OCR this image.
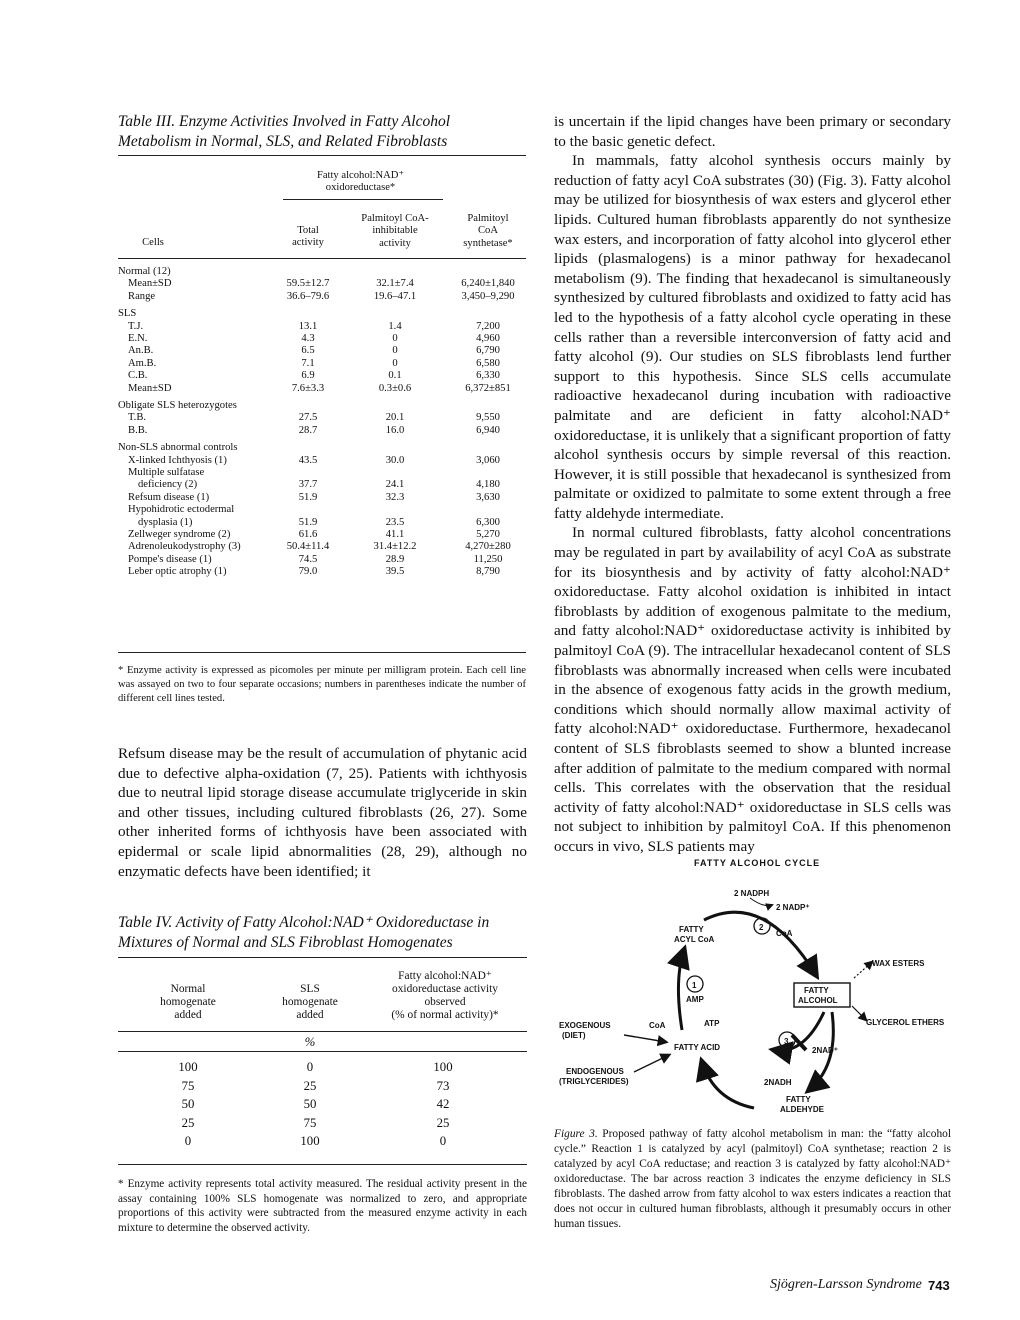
Table III. Enzyme Activities Involved in Fatty Alcohol
Metabolism in Normal, SLS, and Related Fibroblasts
Fatty alcohol:NAD⁺
oxidoreductase*
Cells
Total
activity
Palmitoyl CoA-
inhibitable
activity
Palmitoyl
CoA
synthetase*
Normal (12)
Mean±SD	59.5±12.7	32.1±7.4	6,240±1,840
Range	36.6–79.6	19.6–47.1	3,450–9,290
SLS
T.J.	13.1	1.4	7,200
E.N.	4.3	0	4,960
An.B.	6.5	0	6,790
Am.B.	7.1	0	6,580
C.B.	6.9	0.1	6,330
Mean±SD	7.6±3.3	0.3±0.6	6,372±851
Obligate SLS heterozygotes
T.B.	27.5	20.1	9,550
B.B.	28.7	16.0	6,940
Non-SLS abnormal controls
X-linked Ichthyosis (1)	43.5	30.0	3,060
Multiple sulfatase
deficiency (2)	37.7	24.1	4,180
Refsum disease (1)	51.9	32.3	3,630
Hypohidrotic ectodermal
dysplasia (1)	51.9	23.5	6,300
Zellweger syndrome (2)	61.6	41.1	5,270
Adrenoleukodystrophy (3)	50.4±11.4	31.4±12.2	4,270±280
Pompe's disease (1)	74.5	28.9	11,250
Leber optic atrophy (1)	79.0	39.5	8,790
* Enzyme activity is expressed as picomoles per minute per milligram protein. Each cell line was assayed on two to four separate occasions; numbers in parentheses indicate the number of different cell lines tested.

Refsum disease may be the result of accumulation of phytanic acid due to defective alpha-oxidation (7, 25). Patients with ichthyosis due to neutral lipid storage disease accumulate triglyceride in skin and other tissues, including cultured fibroblasts (26, 27). Some other inherited forms of ichthyosis have been associated with epidermal or scale lipid abnormalities (28, 29), although no enzymatic defects have been identified; it

Table IV. Activity of Fatty Alcohol:NAD⁺ Oxidoreductase in
Mixtures of Normal and SLS Fibroblast Homogenates
Normal
homogenate
added
SLS
homogenate
added
Fatty alcohol:NAD⁺
oxidoreductase activity
observed
(% of normal activity)*
%
100	0	100
75	25	73
50	50	42
25	75	25
0	100	0
* Enzyme activity represents total activity measured. The residual activity present in the assay containing 100% SLS homogenate was normalized to zero, and appropriate proportions of this activity were subtracted from the measured enzyme activity in each mixture to determine the observed activity.

is uncertain if the lipid changes have been primary or secondary to the basic genetic defect.

In mammals, fatty alcohol synthesis occurs mainly by reduction of fatty acyl CoA substrates (30) (Fig. 3). Fatty alcohol may be utilized for biosynthesis of wax esters and glycerol ether lipids. Cultured human fibroblasts apparently do not synthesize wax esters, and incorporation of fatty alcohol into glycerol ether lipids (plasmalogens) is a minor pathway for hexadecanol metabolism (9). The finding that hexadecanol is simultaneously synthesized by cultured fibroblasts and oxidized to fatty acid has led to the hypothesis of a fatty alcohol cycle operating in these cells rather than a reversible interconversion of fatty acid and fatty alcohol (9). Our studies on SLS fibroblasts lend further support to this hypothesis. Since SLS cells accumulate radioactive hexadecanol during incubation with radioactive palmitate and are deficient in fatty alcohol:NAD⁺ oxidoreductase, it is unlikely that a significant proportion of fatty alcohol synthesis occurs by simple reversal of this reaction. However, it is still possible that hexadecanol is synthesized from palmitate or oxidized to palmitate to some extent through a free fatty aldehyde intermediate.

In normal cultured fibroblasts, fatty alcohol concentrations may be regulated in part by availability of acyl CoA as substrate for its biosynthesis and by activity of fatty alcohol:NAD⁺ oxidoreductase. Fatty alcohol oxidation is inhibited in intact fibroblasts by addition of exogenous palmitate to the medium, and fatty alcohol:NAD⁺ oxidoreductase activity is inhibited by palmitoyl CoA (9). The intracellular hexadecanol content of SLS fibroblasts was abnormally increased when cells were incubated in the absence of exogenous fatty acids in the growth medium, conditions which should normally allow maximal activity of fatty alcohol:NAD⁺ oxidoreductase. Furthermore, hexadecanol content of SLS fibroblasts seemed to show a blunted increase after addition of palmitate to the medium compared with normal cells. This correlates with the observation that the residual activity of fatty alcohol:NAD⁺ oxidoreductase in SLS cells was not subject to inhibition by palmitoyl CoA. If this phenomenon occurs in vivo, SLS patients may

FATTY ALCOHOL CYCLE
2 NADPH
2 NADP⁺
FATTY
ACYL CoA
CoA
WAX ESTERS
FATTY
ALCOHOL
GLYCEROL ETHERS
AMP
ATP
CoA
EXOGENOUS
(DIET)
FATTY ACID	2NAD⁺
ENDOGENOUS
(TRIGLYCERIDES)	2NADH
FATTY
ALDEHYDE
2
1
3
Figure 3. Proposed pathway of fatty alcohol metabolism in man: the “fatty alcohol cycle.” Reaction 1 is catalyzed by acyl (palmitoyl) CoA synthetase; reaction 2 is catalyzed by acyl CoA reductase; and reaction 3 is catalyzed by fatty alcohol:NAD⁺ oxidoreductase. The bar across reaction 3 indicates the enzyme deficiency in SLS fibroblasts. The dashed arrow from fatty alcohol to wax esters indicates a reaction that does not occur in cultured human fibroblasts, although it presumably occurs in other human tissues.
Sjögren-Larsson Syndrome 743
